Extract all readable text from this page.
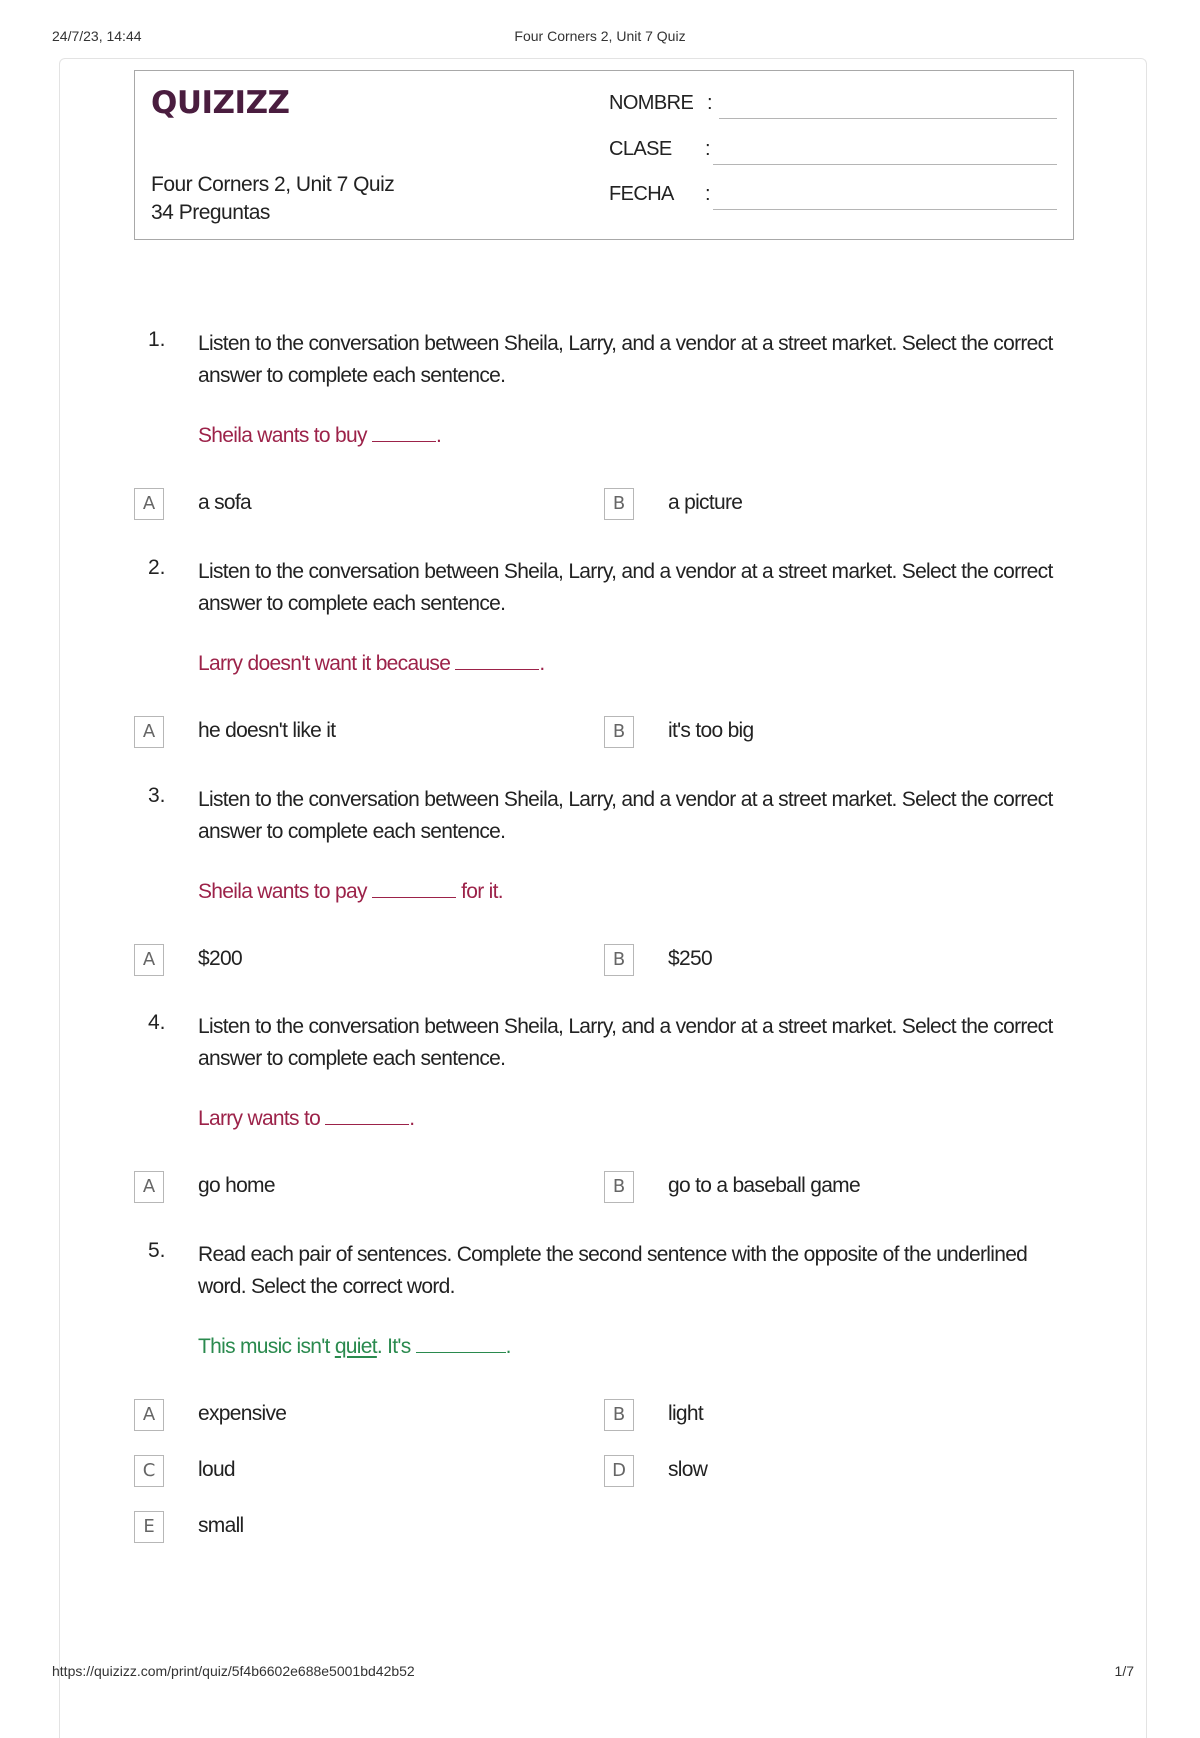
24/7/23, 14:44	Four Corners 2, Unit 7 Quiz
QUIZIZZ
Four Corners 2, Unit 7 Quiz
34 Preguntas
NOMBRE :
CLASE :
FECHA :
1. Listen to the conversation between Sheila, Larry, and a vendor at a street market. Select the correct answer to complete each sentence.
Sheila wants to buy	.
A	a sofa	B	a picture
2. Listen to the conversation between Sheila, Larry, and a vendor at a street market. Select the correct answer to complete each sentence.
Larry doesn't want it because	.
A	he doesn't like it	B	it's too big
3. Listen to the conversation between Sheila, Larry, and a vendor at a street market. Select the correct answer to complete each sentence.
Sheila wants to pay	for it.
A	$200	B	$250
4. Listen to the conversation between Sheila, Larry, and a vendor at a street market. Select the correct answer to complete each sentence.
Larry wants to	.
A	go home	B	go to a baseball game
5. Read each pair of sentences. Complete the second sentence with the opposite of the underlined word. Select the correct word.
This music isn't quiet. It's	.
A	expensive	B	light
C	loud	D	slow
E	small
https://quizizz.com/print/quiz/5f4b6602e688e5001bd42b52	1/7
